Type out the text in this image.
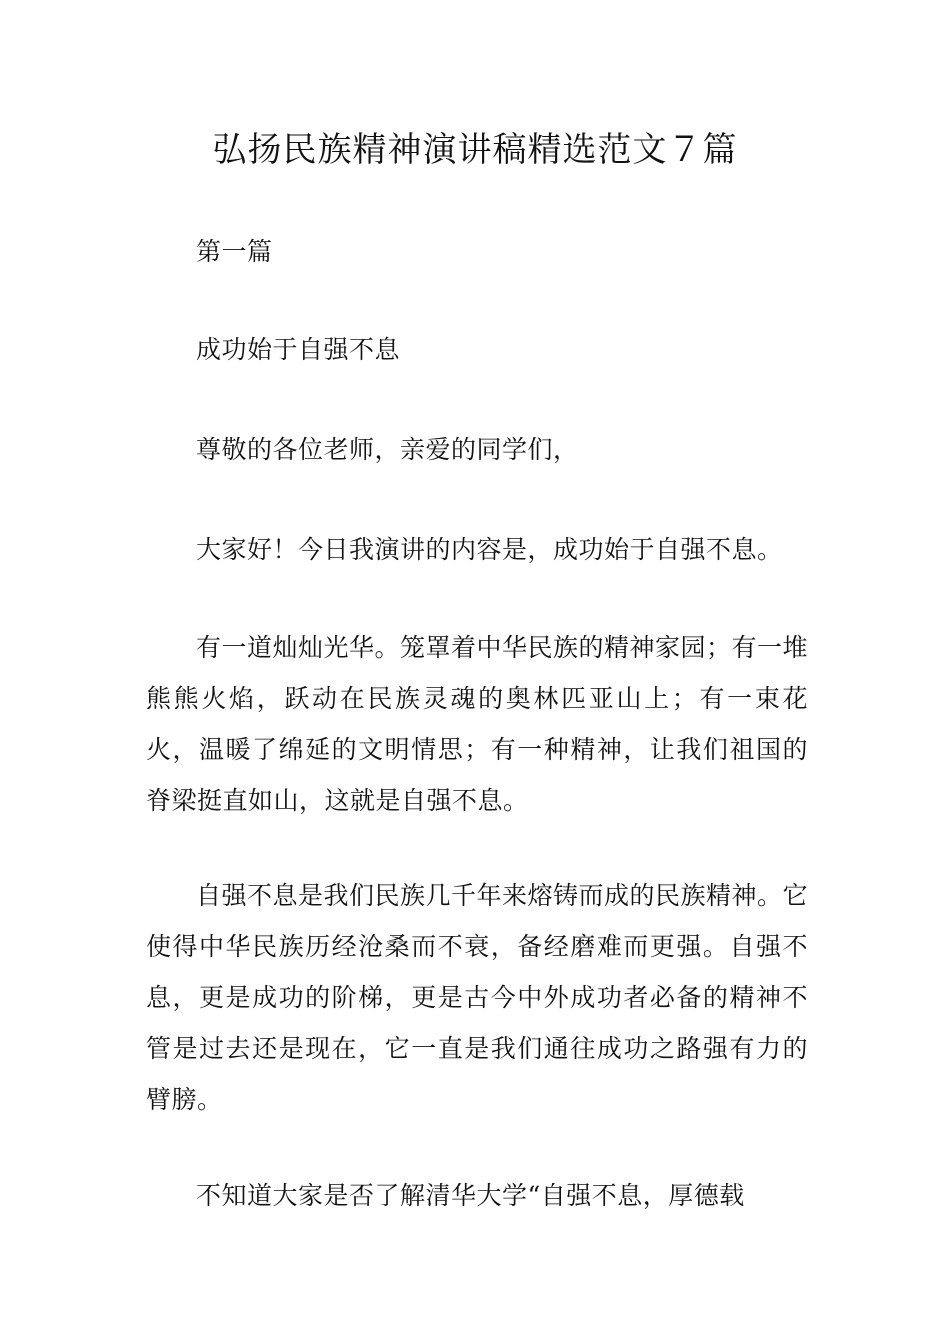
弘扬民族精神演讲稿精选范文７篇

第一篇

成功始于自强不息

尊敬的各位老师，亲爱的同学们，

大家好！今日我演讲的内容是，成功始于自强不息。

有一道灿灿光华。笼罩着中华民族的精神家园；有一堆熊熊火焰，跃动在民族灵魂的奥林匹亚山上；有一束花火，温暖了绵延的文明情思；有一种精神，让我们祖国的脊梁挺直如山，这就是自强不息。

自强不息是我们民族几千年来熔铸而成的民族精神。它使得中华民族历经沧桑而不衰，备经磨难而更强。自强不息，更是成功的阶梯，更是古今中外成功者必备的精神不管是过去还是现在，它一直是我们通往成功之路强有力的臂膀。

不知道大家是否了解清华大学“自强不息，厚德载
